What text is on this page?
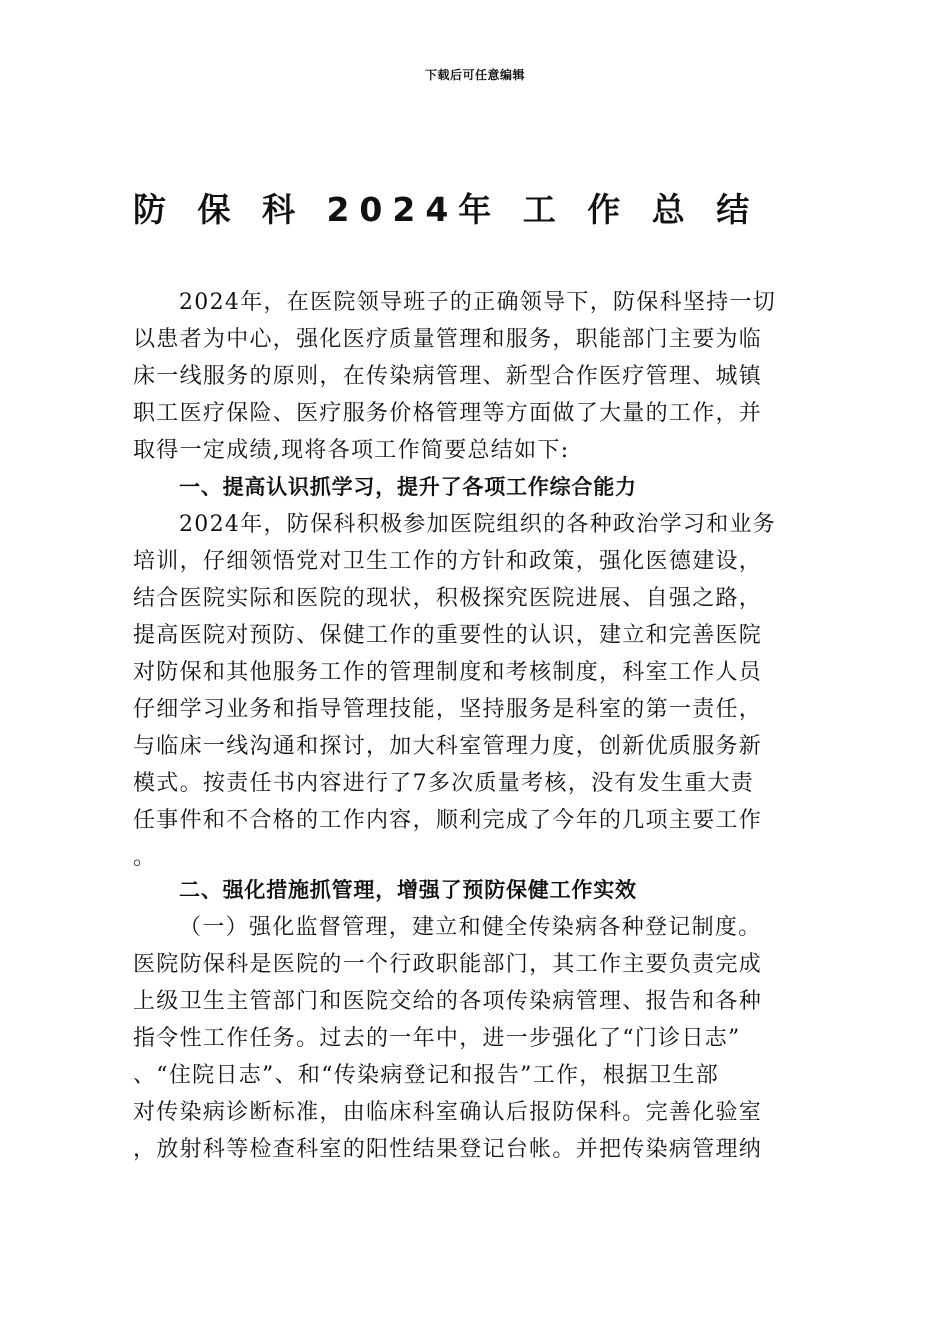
下载后可任意编辑
防 保 科 2024年 工 作 总 结
2024年，在医院领导班子的正确领导下，防保科坚持一切
以患者为中心，强化医疗质量管理和服务，职能部门主要为临
床一线服务的原则，在传染病管理、新型合作医疗管理、城镇
职工医疗保险、医疗服务价格管理等方面做了大量的工作，并
取得一定成绩,现将各项工作简要总结如下:
一、提高认识抓学习，提升了各项工作综合能力
2024年，防保科积极参加医院组织的各种政治学习和业务
培训，仔细领悟党对卫生工作的方针和政策，强化医德建设，
结合医院实际和医院的现状，积极探究医院进展、自强之路，
提高医院对预防、保健工作的重要性的认识，建立和完善医院
对防保和其他服务工作的管理制度和考核制度，科室工作人员
仔细学习业务和指导管理技能，坚持服务是科室的第一责任，
与临床一线沟通和探讨，加大科室管理力度，创新优质服务新
模式。按责任书内容进行了7多次质量考核，没有发生重大责
任事件和不合格的工作内容，顺利完成了今年的几项主要工作
。
二、强化措施抓管理，增强了预防保健工作实效
（一）强化监督管理，建立和健全传染病各种登记制度。
医院防保科是医院的一个行政职能部门，其工作主要负责完成
上级卫生主管部门和医院交给的各项传染病管理、报告和各种
指令性工作任务。过去的一年中，进一步强化了“门诊日志”
、“住院日志”、和“传染病登记和报告”工作，根据卫生部
对传染病诊断标准，由临床科室确认后报防保科。完善化验室
，放射科等检查科室的阳性结果登记台帐。并把传染病管理纳
